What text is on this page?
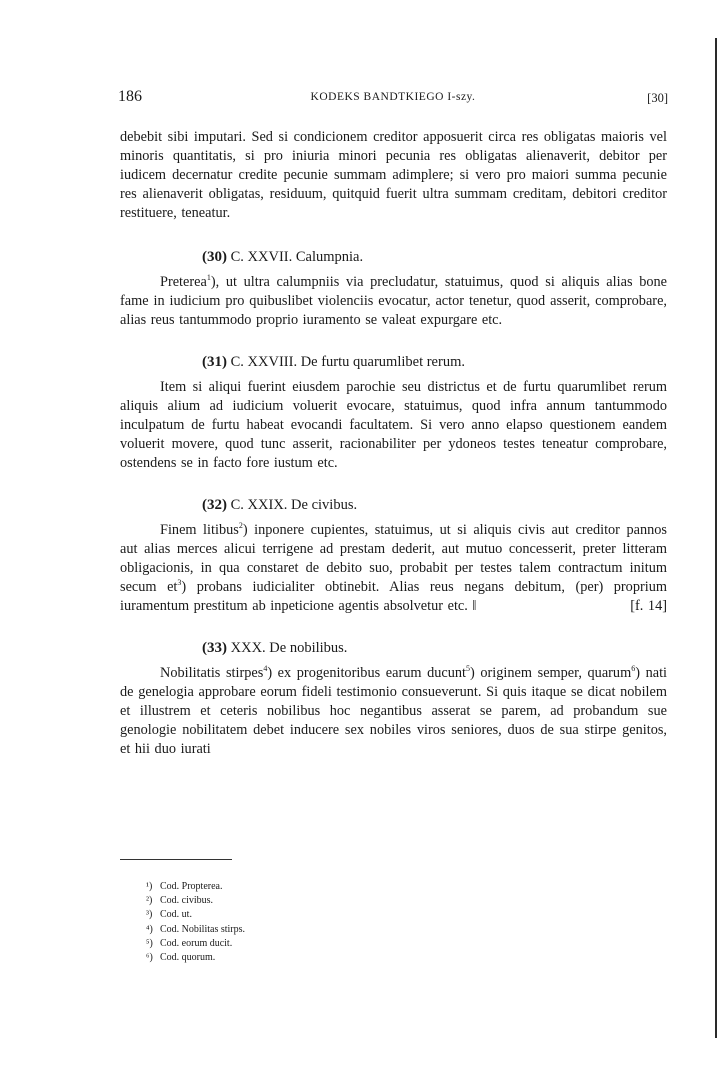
186	KODEKS BANDTKIEGO I-szy.	[30]

debebit sibi imputari. Sed si condicionem creditor apposuerit circa res obligatas maioris vel minoris quantitatis, si pro iniuria minori pecunia res obligatas alienaverit, debitor per iudicem decernatur credite pecunie summam adimplere; si vero pro maiori summa pecunie res alienaverit obligatas, residuum, quitquid fuerit ultra summam creditam, debitori creditor restituere, teneatur.

(30) C. XXVII. Calumpnia.

Preterea$^1$), ut ultra calumpniis via precludatur, statuimus, quod si aliquis alias bone fame in iudicium pro quibuslibet violenciis evocatur, actor tenetur, quod asserit, comprobare, alias reus tantummodo proprio iuramento se valeat expurgare etc.

(31) C. XXVIII. De furtu quarumlibet rerum.

Item si aliqui fuerint eiusdem parochie seu districtus et de furtu quarumlibet rerum aliquis alium ad iudicium voluerit evocare, statuimus, quod infra annum tantummodo inculpatum de furtu habeat evocandi facultatem. Si vero anno elapso questionem eandem voluerit movere, quod tunc asserit, racionabiliter per ydoneos testes teneatur comprobare, ostendens se in facto fore iustum etc.

(32) C. XXIX. De civibus.

Finem litibus$^2$) inponere cupientes, statuimus, ut si aliquis civis aut creditor pannos aut alias merces alicui terrigene ad prestam dederit, aut mutuo concesserit, preter litteram obligacionis, in qua constaret de debito suo, probabit per testes talem contractum initum secum $et^3$) probans iudicialiter obtinebit. Alias reus negans debitum, (per) proprium iuramentum prestitum ab inpeticione agentis absolvetur etc. ‖	[f. 14]

(33) XXX. De nobilibus.

Nobilitatis stirpes$^4$) ex progenitoribus earum ducunt$^5$) originem semper, quarum$^6$) nati de genelogia approbare eorum fideli testimonio consueverunt. Si quis itaque se dicat nobilem et illustrem et ceteris nobilibus hoc negantibus asserat se parem, ad probandum sue genologie nobilitatem debet inducere sex nobiles viros seniores, duos de sua stirpe genitos, et hii duo iurati

¹) Cod. Propterea.

²) Cod. civibus.

³) Cod. ut.

⁴) Cod. Nobilitas stirps.

⁵) Cod. eorum ducit.

⁶) Cod. quorum.
